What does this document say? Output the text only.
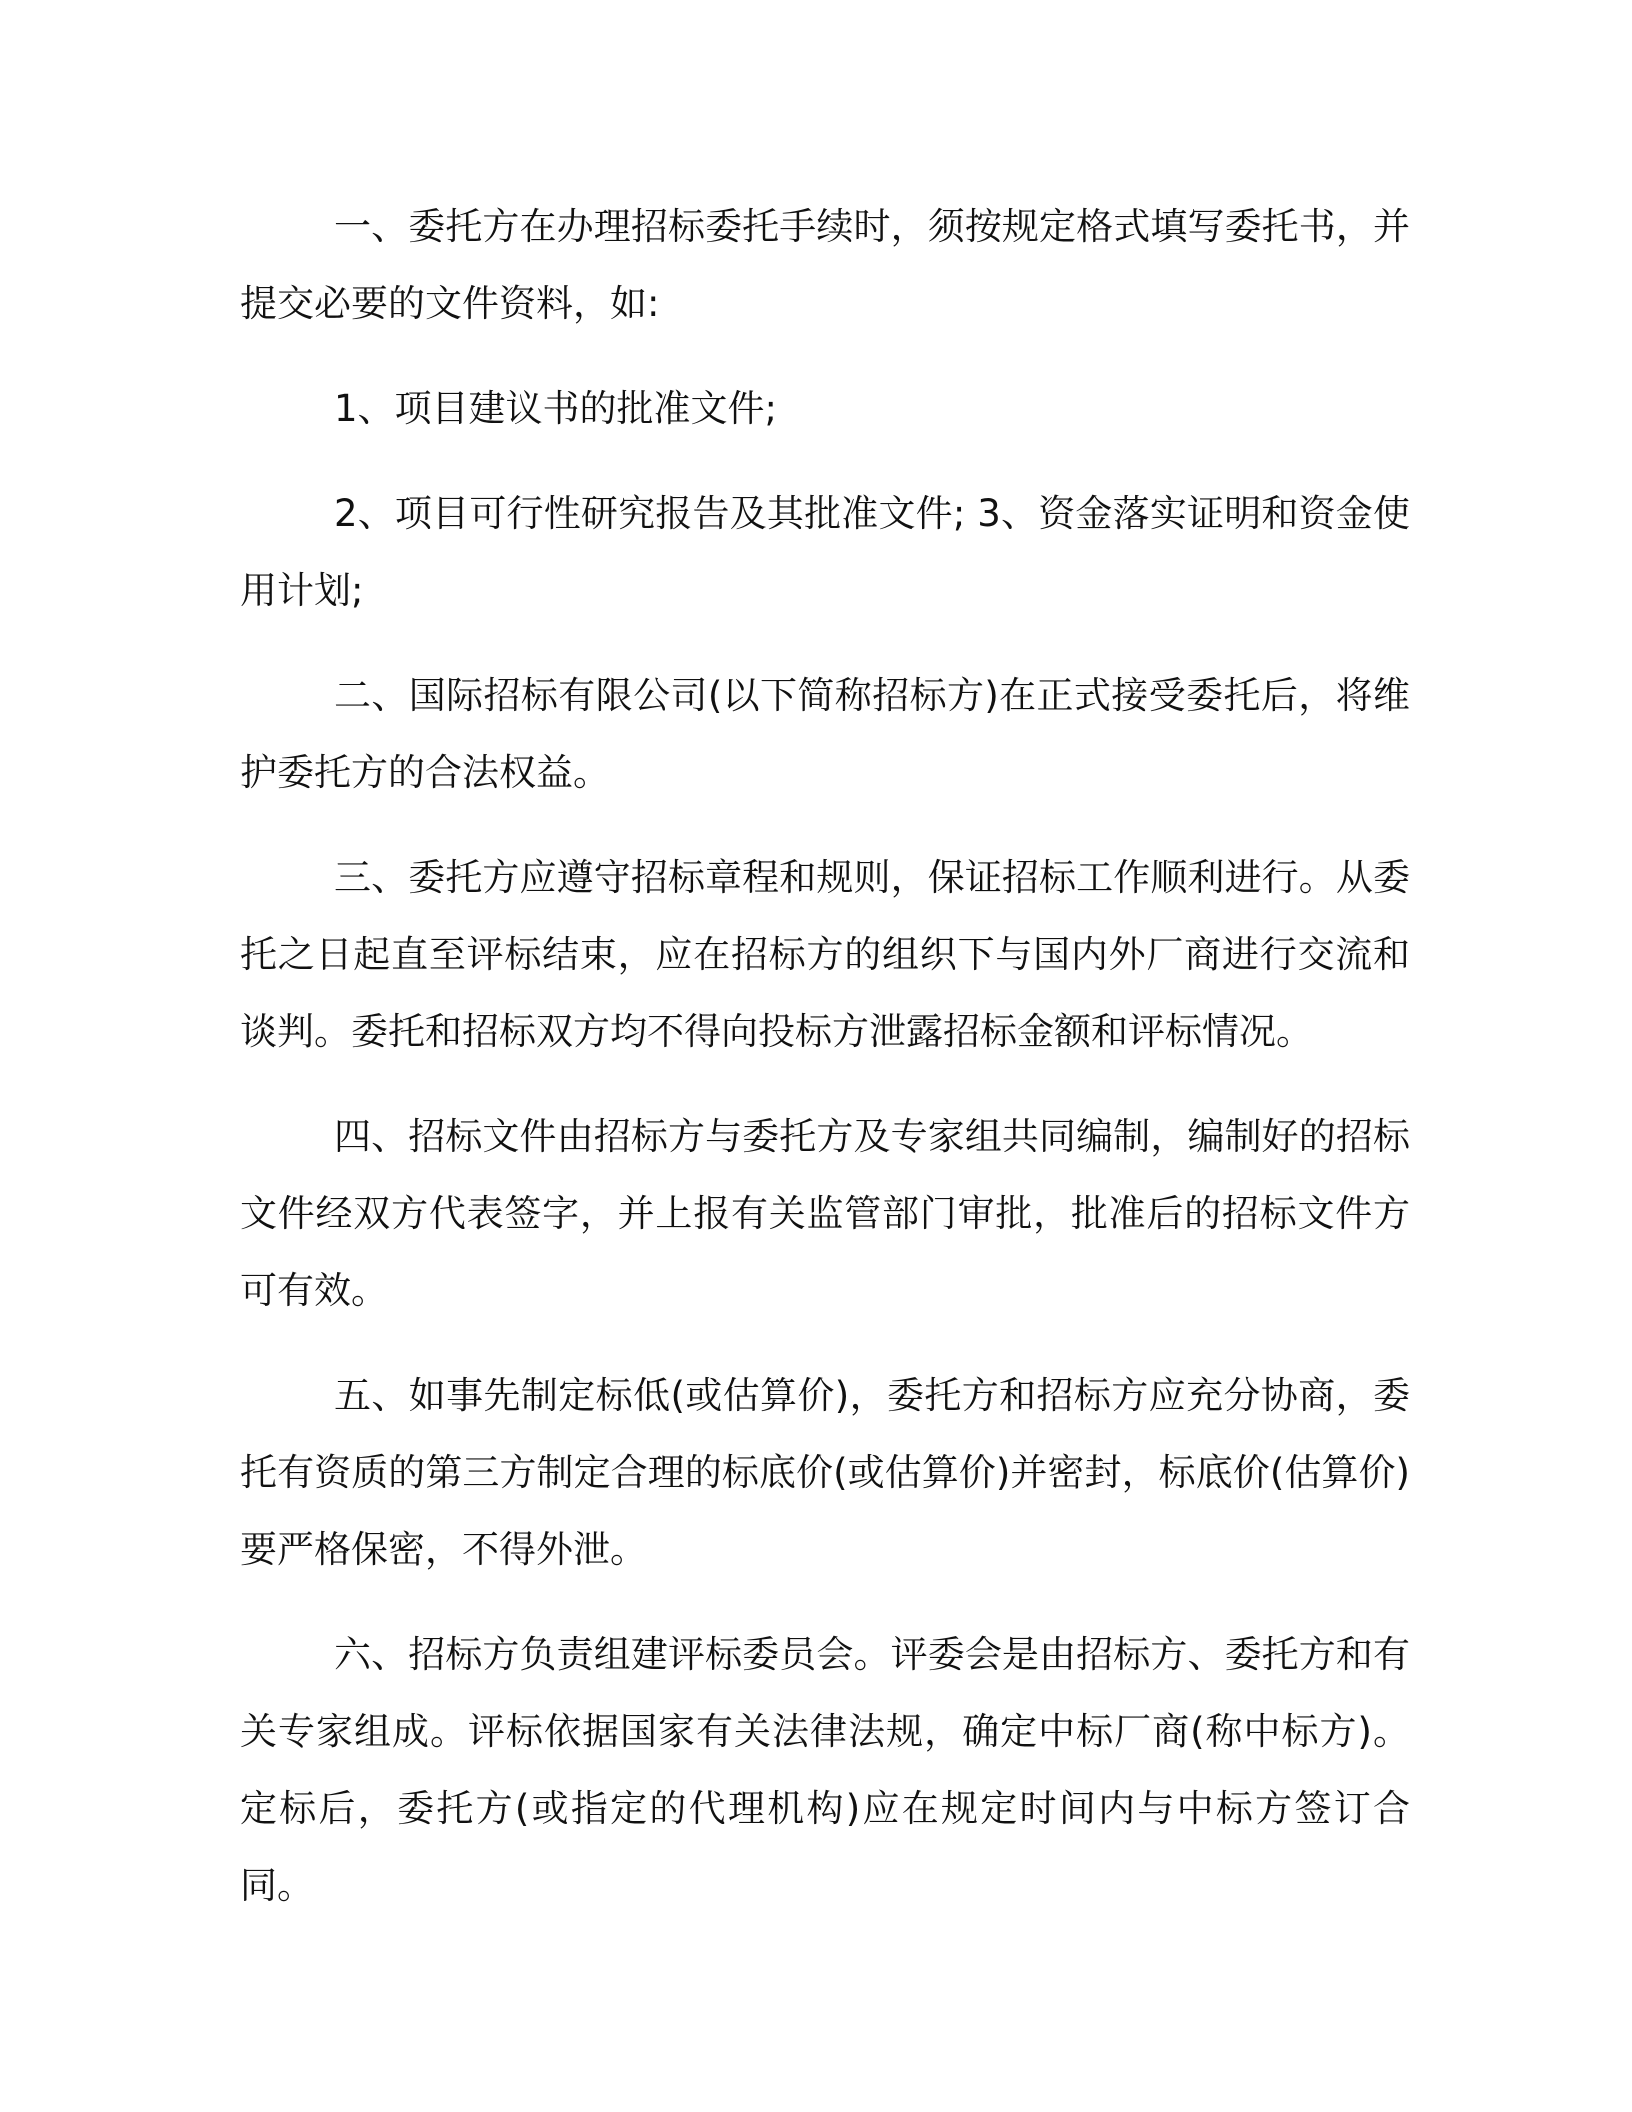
一、委托方在办理招标委托手续时，须按规定格式填写委托书，并提交必要的文件资料，如:

1、项目建议书的批准文件;

2、项目可行性研究报告及其批准文件; 3、资金落实证明和资金使用计划;

二、国际招标有限公司(以下简称招标方)在正式接受委托后，将维护委托方的合法权益。

三、委托方应遵守招标章程和规则，保证招标工作顺利进行。从委托之日起直至评标结束，应在招标方的组织下与国内外厂商进行交流和谈判。委托和招标双方均不得向投标方泄露招标金额和评标情况。

四、招标文件由招标方与委托方及专家组共同编制，编制好的招标文件经双方代表签字，并上报有关监管部门审批，批准后的招标文件方可有效。

五、如事先制定标低(或估算价)，委托方和招标方应充分协商，委托有资质的第三方制定合理的标底价(或估算价)并密封，标底价(估算价)要严格保密，不得外泄。

六、招标方负责组建评标委员会。评委会是由招标方、委托方和有关专家组成。评标依据国家有关法律法规，确定中标厂商(称中标方)。定标后，委托方(或指定的代理机构)应在规定时间内与中标方签订合同。
